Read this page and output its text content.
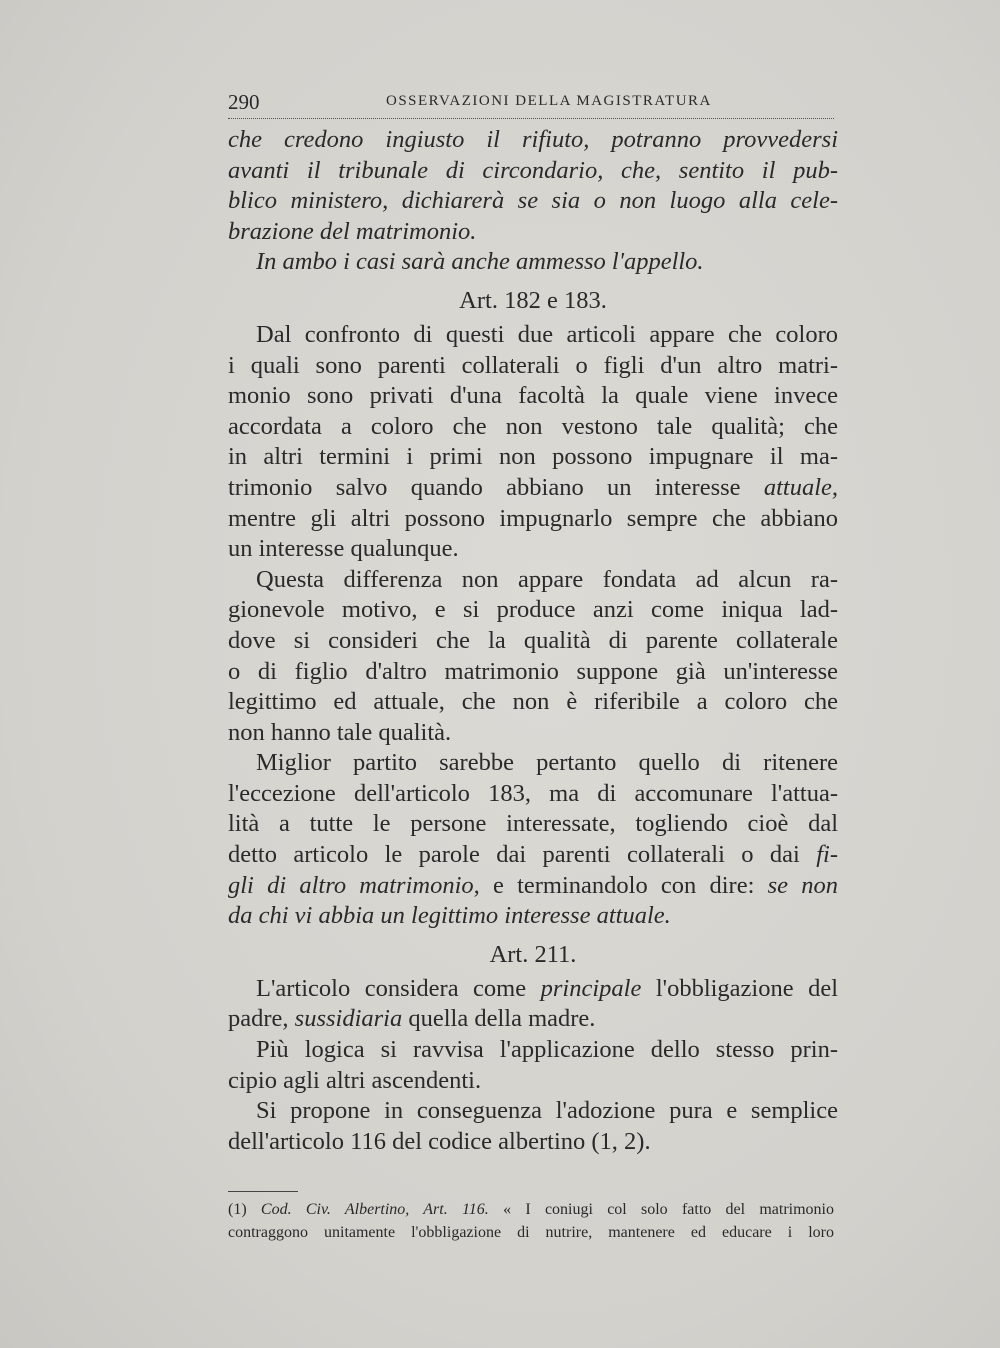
290	OSSERVAZIONI DELLA MAGISTRATURA
che credono ingiusto il rifiuto, potranno provvedersi
avanti il tribunale di circondario, che, sentito il pub-
blico ministero, dichiarerà se sia o non luogo alla cele-
brazione del matrimonio.
In ambo i casi sarà anche ammesso l'appello.
Art. 182 e 183.
Dal confronto di questi due articoli appare che coloro
i quali sono parenti collaterali o figli d'un altro matri-
monio sono privati d'una facoltà la quale viene invece
accordata a coloro che non vestono tale qualità; che
in altri termini i primi non possono impugnare il ma-
trimonio salvo quando abbiano un interesse attuale,
mentre gli altri possono impugnarlo sempre che abbiano
un interesse qualunque.
Questa differenza non appare fondata ad alcun ra-
gionevole motivo, e si produce anzi come iniqua lad-
dove si consideri che la qualità di parente collaterale
o di figlio d'altro matrimonio suppone già un'interesse
legittimo ed attuale, che non è riferibile a coloro che
non hanno tale qualità.
Miglior partito sarebbe pertanto quello di ritenere
l'eccezione dell'articolo 183, ma di accomunare l'attua-
lità a tutte le persone interessate, togliendo cioè dal
detto articolo le parole dai parenti collaterali o dai fi-
gli di altro matrimonio, e terminandolo con dire: se non
da chi vi abbia un legittimo interesse attuale.
Art. 211.
L'articolo considera come principale l'obbligazione del
padre, sussidiaria quella della madre.
Più logica si ravvisa l'applicazione dello stesso prin-
cipio agli altri ascendenti.
Si propone in conseguenza l'adozione pura e semplice
dell'articolo 116 del codice albertino (1, 2).
(1) Cod. Civ. Albertino, Art. 116. « I coniugi col solo fatto del matrimonio
contraggono unitamente l'obbligazione di nutrire, mantenere ed educare i loro
